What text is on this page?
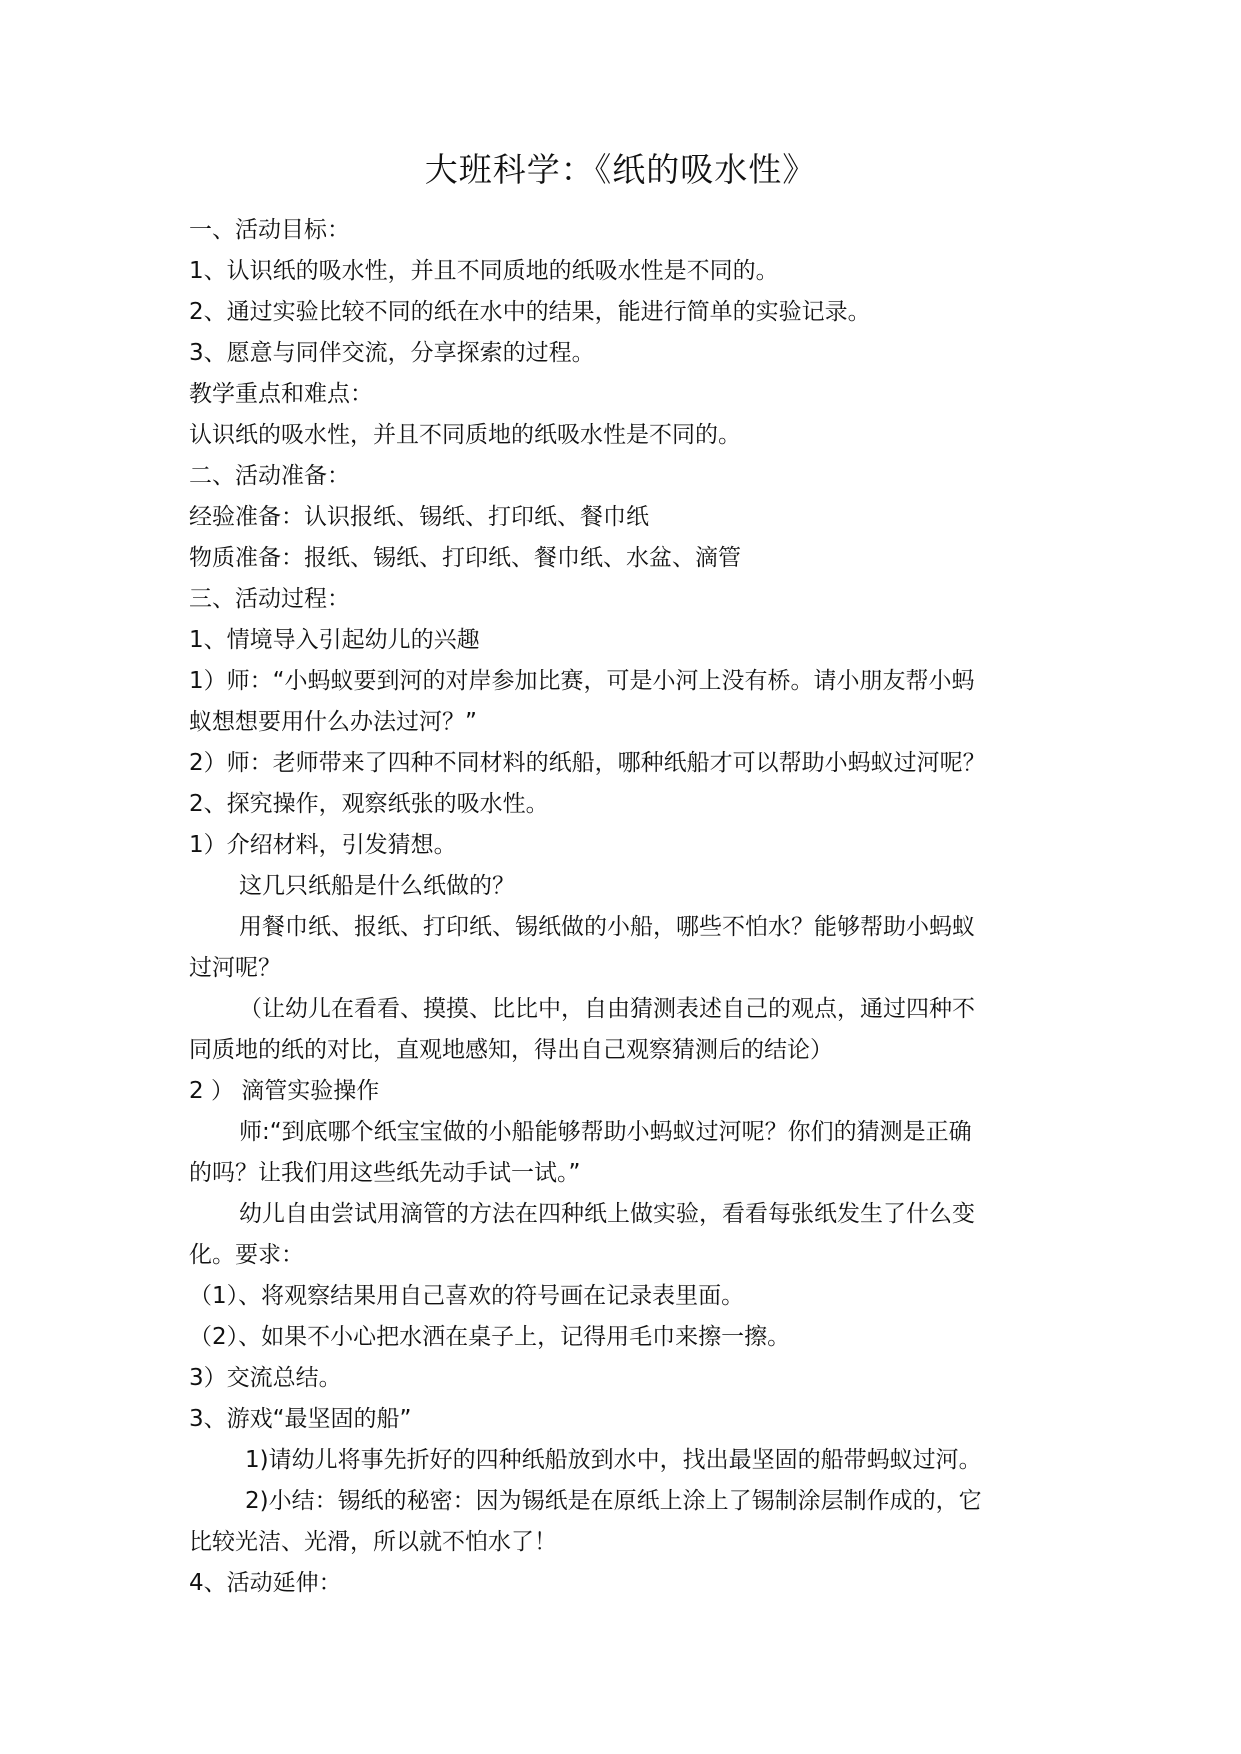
大班科学：《纸的吸水性》
一、活动目标：
1、认识纸的吸水性，并且不同质地的纸吸水性是不同的。
2、通过实验比较不同的纸在水中的结果，能进行简单的实验记录。
3、愿意与同伴交流，分享探索的过程。
教学重点和难点：
认识纸的吸水性，并且不同质地的纸吸水性是不同的。
二、活动准备：
经验准备：认识报纸、锡纸、打印纸、餐巾纸
物质准备：报纸、锡纸、打印纸、餐巾纸、水盆、滴管
三、活动过程：
1、情境导入引起幼儿的兴趣
1）师：“小蚂蚁要到河的对岸参加比赛，可是小河上没有桥。请小朋友帮小蚂
蚁想想要用什么办法过河？”
2）师：老师带来了四种不同材料的纸船，哪种纸船才可以帮助小蚂蚁过河呢？
2、探究操作，观察纸张的吸水性。
1）介绍材料，引发猜想。
这几只纸船是什么纸做的？
用餐巾纸、报纸、打印纸、锡纸做的小船，哪些不怕水？能够帮助小蚂蚁
过河呢？
（让幼儿在看看、摸摸、比比中，自由猜测表述自己的观点，通过四种不
同质地的纸的对比，直观地感知，得出自己观察猜测后的结论）
2 ） 滴管实验操作
师:“到底哪个纸宝宝做的小船能够帮助小蚂蚁过河呢？你们的猜测是正确
的吗？让我们用这些纸先动手试一试。”
幼儿自由尝试用滴管的方法在四种纸上做实验，看看每张纸发生了什么变
化。要求：
（1）、将观察结果用自己喜欢的符号画在记录表里面。
（2）、如果不小心把水洒在桌子上，记得用毛巾来擦一擦。
3）交流总结。
3、游戏“最坚固的船”
1)请幼儿将事先折好的四种纸船放到水中，找出最坚固的船带蚂蚁过河。
2)小结：锡纸的秘密：因为锡纸是在原纸上涂上了锡制涂层制作成的，它
比较光洁、光滑，所以就不怕水了！
4、活动延伸：
